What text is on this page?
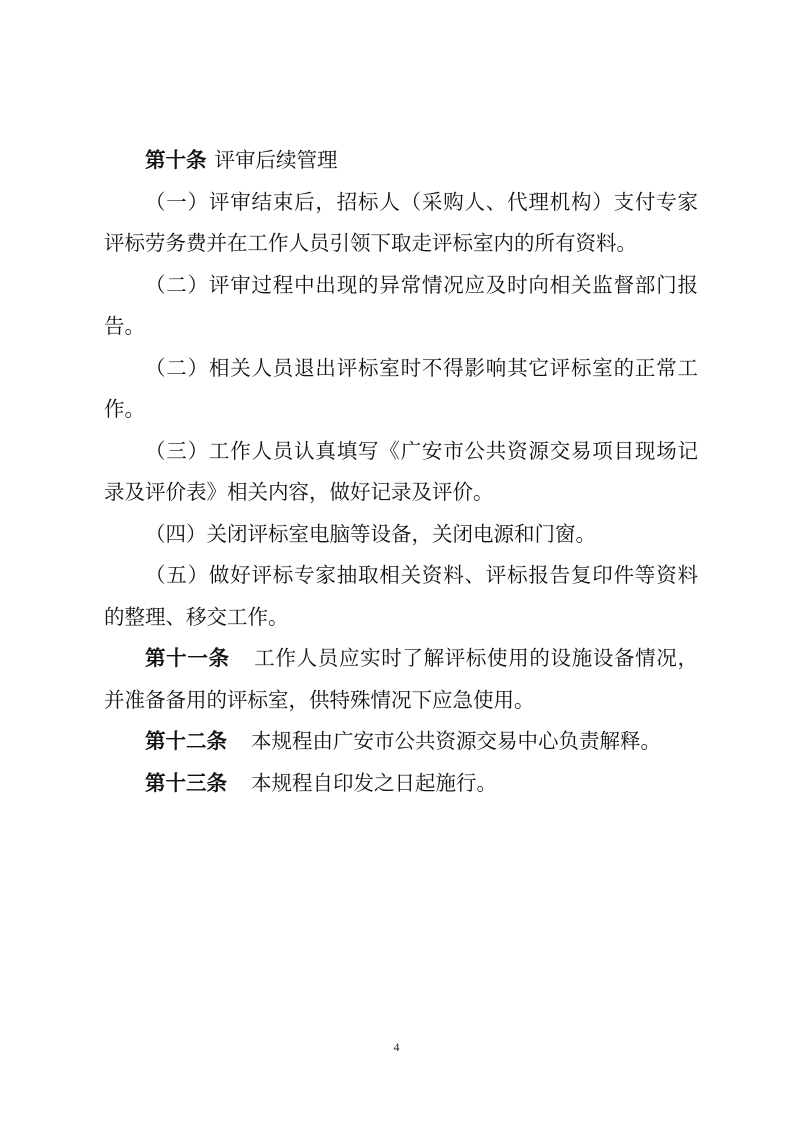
第十条 评审后续管理

（一）评审结束后，招标人（采购人、代理机构）支付专家评标劳务费并在工作人员引领下取走评标室内的所有资料。

（二）评审过程中出现的异常情况应及时向相关监督部门报告。

（二）相关人员退出评标室时不得影响其它评标室的正常工作。

（三）工作人员认真填写《广安市公共资源交易项目现场记录及评价表》相关内容，做好记录及评价。

（四）关闭评标室电脑等设备，关闭电源和门窗。

（五）做好评标专家抽取相关资料、评标报告复印件等资料的整理、移交工作。

第十一条 工作人员应实时了解评标使用的设施设备情况，并准备备用的评标室，供特殊情况下应急使用。

第十二条 本规程由广安市公共资源交易中心负责解释。

第十三条 本规程自印发之日起施行。

4
